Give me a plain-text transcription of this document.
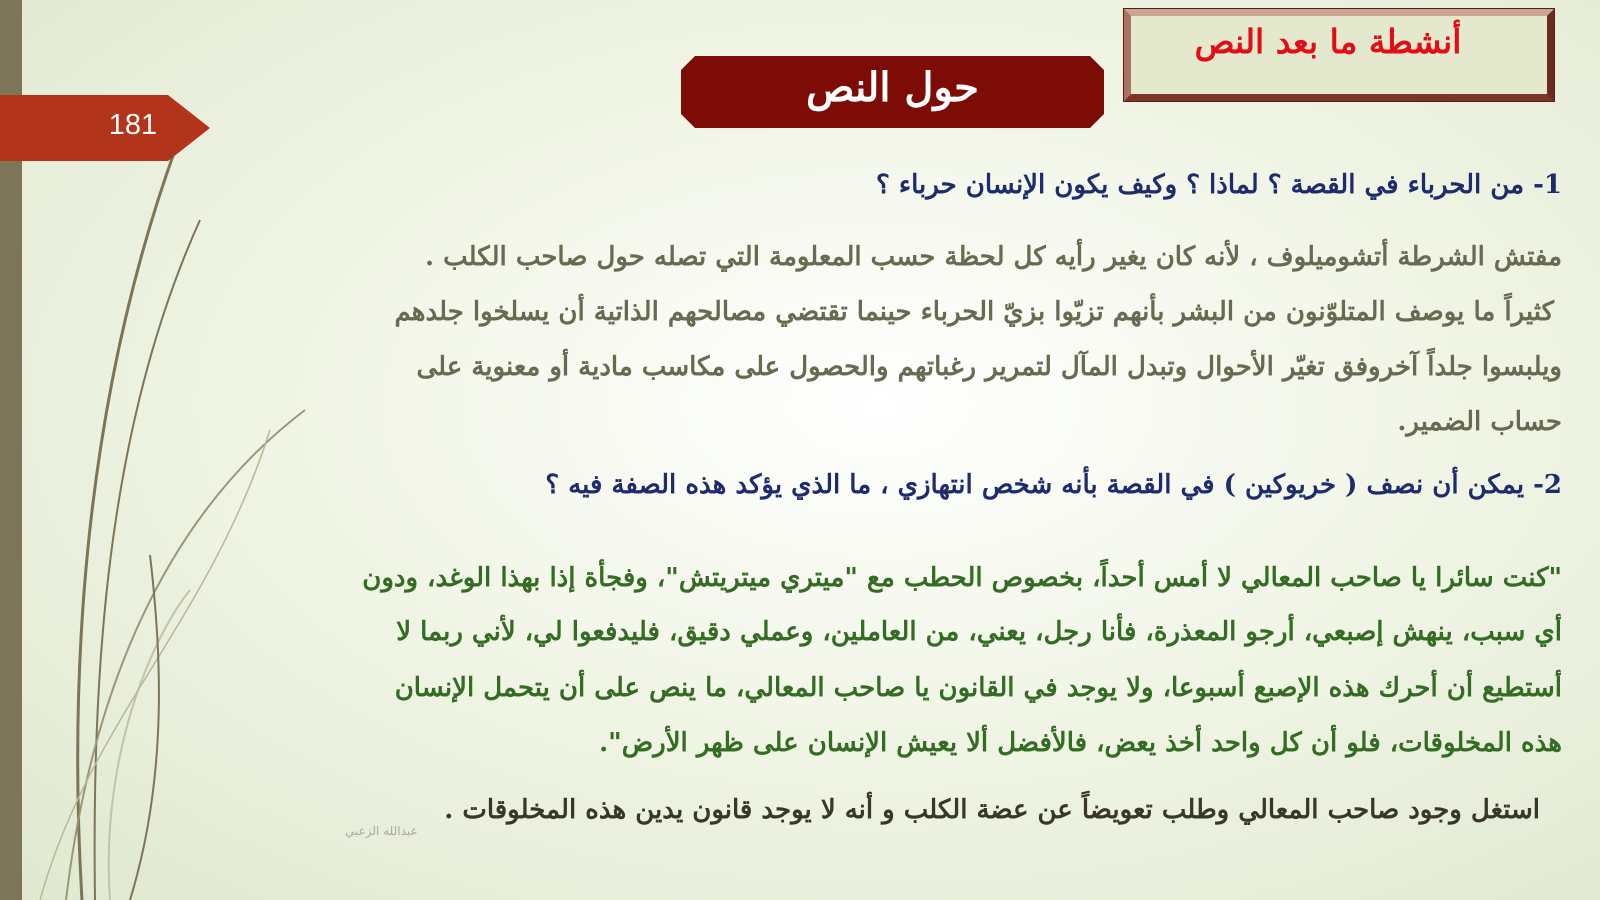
181
أنشطة ما بعد النص
حول النص
1- من الحرباء في القصة ؟ لماذا ؟ وكيف يكون الإنسان حرباء ؟
مفتش الشرطة أتشوميلوف ، لأنه كان يغير رأيه كل لحظة حسب المعلومة التي تصله حول صاحب الكلب .
كثيراً ما يوصف المتلوّنون من البشر بأنهم تزيّوا بزيّ الحرباء حينما تقتضي مصالحهم الذاتية أن يسلخوا جلدهم
ويلبسوا جلداً آخروفق تغيّر الأحوال وتبدل المآل لتمرير رغباتهم والحصول على مكاسب مادية أو معنوية على
حساب الضمير.
2- يمكن أن نصف ( خريوكين ) في القصة بأنه شخص انتهازي ، ما الذي يؤكد هذه الصفة فيه ؟
"كنت سائرا يا صاحب المعالي لا أمس أحداً، بخصوص الحطب مع "ميتري ميتريتش"، وفجأة إذا بهذا الوغد، ودون
أي سبب، ينهش إصبعي، أرجو المعذرة، فأنا رجل، يعني، من العاملين، وعملي دقيق، فليدفعوا لي، لأني ربما لا
أستطيع أن أحرك هذه الإصبع أسبوعا، ولا يوجد في القانون يا صاحب المعالي، ما ينص على أن يتحمل الإنسان
هذه المخلوقات، فلو أن كل واحد أخذ يعض، فالأفضل ألا يعيش الإنسان على ظهر الأرض".
استغل وجود صاحب المعالي وطلب تعويضاً عن عضة الكلب و أنه لا يوجد قانون يدين هذه المخلوقات .
عبدالله الزعبي
